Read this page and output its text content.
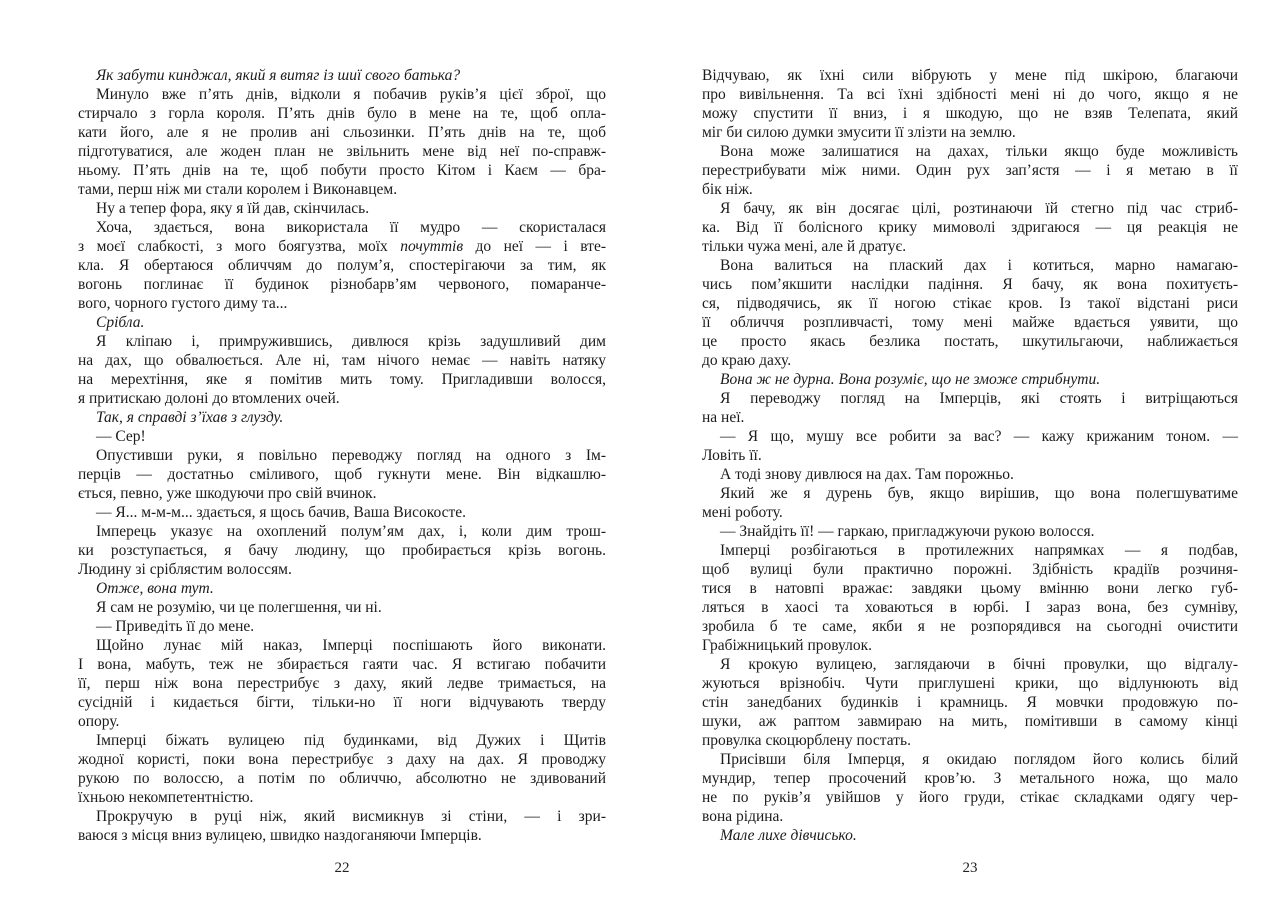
Як забути кинджал, який я витяг із шиї свого батька?
Минуло вже п’ять днів, відколи я побачив руків’я цієї зброї, що
стирчало з горла короля. П’ять днів було в мене на те, щоб опла-
кати його, але я не пролив ані сльозинки. П’ять днів на те, щоб
підготуватися, але жоден план не звільнить мене від неї по-справж-
ньому. П’ять днів на те, щоб побути просто Кітом і Каєм — бра-
тами, перш ніж ми стали королем і Виконавцем.
Ну а тепер фора, яку я їй дав, скінчилась.
Хоча, здається, вона використала її мудро — скористалася
з моєї слабкості, з мого боягузтва, моїх почуттів до неї — і вте-
кла. Я обертаюся обличчям до полум’я, спостерігаючи за тим, як
вогонь поглинає її будинок різнобарв’ям червоного, помаранче-
вого, чорного густого диму та...
Срібла.
Я кліпаю і, примружившись, дивлюся крізь задушливий дим
на дах, що обвалюється. Але ні, там нічого немає — навіть натяку
на мерехтіння, яке я помітив мить тому. Пригладивши волосся,
я притискаю долоні до втомлених очей.
Так, я справді з’їхав з глузду.
— Сер!
Опустивши руки, я повільно переводжу погляд на одного з Ім-
перців — достатньо сміливого, щоб гукнути мене. Він відкашлю-
ється, певно, уже шкодуючи про свій вчинок.
— Я... м-м-м... здається, я щось бачив, Ваша Високосте.
Імперець указує на охоплений полум’ям дах, і, коли дим трош-
ки розступається, я бачу людину, що пробирається крізь вогонь.
Людину зі сріблястим волоссям.
Отже, вона тут.
Я сам не розумію, чи це полегшення, чи ні.
— Приведіть її до мене.
Щойно лунає мій наказ, Імперці поспішають його виконати.
І вона, мабуть, теж не збирається гаяти час. Я встигаю побачити
її, перш ніж вона перестрибує з даху, який ледве тримається, на
сусідній і кидається бігти, тільки-но її ноги відчувають тверду
опору.
Імперці біжать вулицею під будинками, від Дужих і Щитів
жодної користі, поки вона перестрибує з даху на дах. Я проводжу
рукою по волоссю, а потім по обличчю, абсолютно не здивований
їхньою некомпетентністю.
Прокручую в руці ніж, який висмикнув зі стіни, — і зри-
ваюся з місця вниз вулицею, швидко наздоганяючи Імперців.
Відчуваю, як їхні сили вібрують у мене під шкірою, благаючи
про вивільнення. Та всі їхні здібності мені ні до чого, якщо я не
можу спустити її вниз, і я шкодую, що не взяв Телепата, який
міг би силою думки змусити її злізти на землю.
Вона може залишатися на дахах, тільки якщо буде можливість
перестрибувати між ними. Один рух зап’ястя — і я метаю в її
бік ніж.
Я бачу, як він досягає цілі, розтинаючи їй стегно під час стриб-
ка. Від її болісного крику мимоволі здригаюся — ця реакція не
тільки чужа мені, але й дратує.
Вона валиться на плаский дах і котиться, марно намагаю-
чись пом’якшити наслідки падіння. Я бачу, як вона похитуєть-
ся, підводячись, як її ногою стікає кров. Із такої відстані риси
її обличчя розпливчасті, тому мені майже вдається уявити, що
це просто якась безлика постать, шкутильгаючи, наближається
до краю даху.
Вона ж не дурна. Вона розуміє, що не зможе стрибнути.
Я переводжу погляд на Імперців, які стоять і витріщаються
на неї.
— Я що, мушу все робити за вас? — кажу крижаним тоном. —
Ловіть її.
А тоді знову дивлюся на дах. Там порожньо.
Який же я дурень був, якщо вирішив, що вона полегшуватиме
мені роботу.
— Знайдіть її! — гаркаю, пригладжуючи рукою волосся.
Імперці розбігаються в протилежних напрямках — я подбав,
щоб вулиці були практично порожні. Здібність крадіїв розчиня-
тися в натовпі вражає: завдяки цьому вмінню вони легко губ-
ляться в хаосі та ховаються в юрбі. І зараз вона, без сумніву,
зробила б те саме, якби я не розпорядився на сьогодні очистити
Грабіжницький провулок.
Я крокую вулицею, заглядаючи в бічні провулки, що відгалу-
жуються врізнобіч. Чути приглушені крики, що відлунюють від
стін занедбаних будинків і крамниць. Я мовчки продовжую по-
шуки, аж раптом завмираю на мить, помітивши в самому кінці
провулка скоцюрблену постать.
Присівши біля Імперця, я окидаю поглядом його колись білий
мундир, тепер просочений кров’ю. З метального ножа, що мало
не по руків’я увійшов у його груди, стікає складками одягу чер-
вона рідина.
Мале лихе дівчисько.
22	23
